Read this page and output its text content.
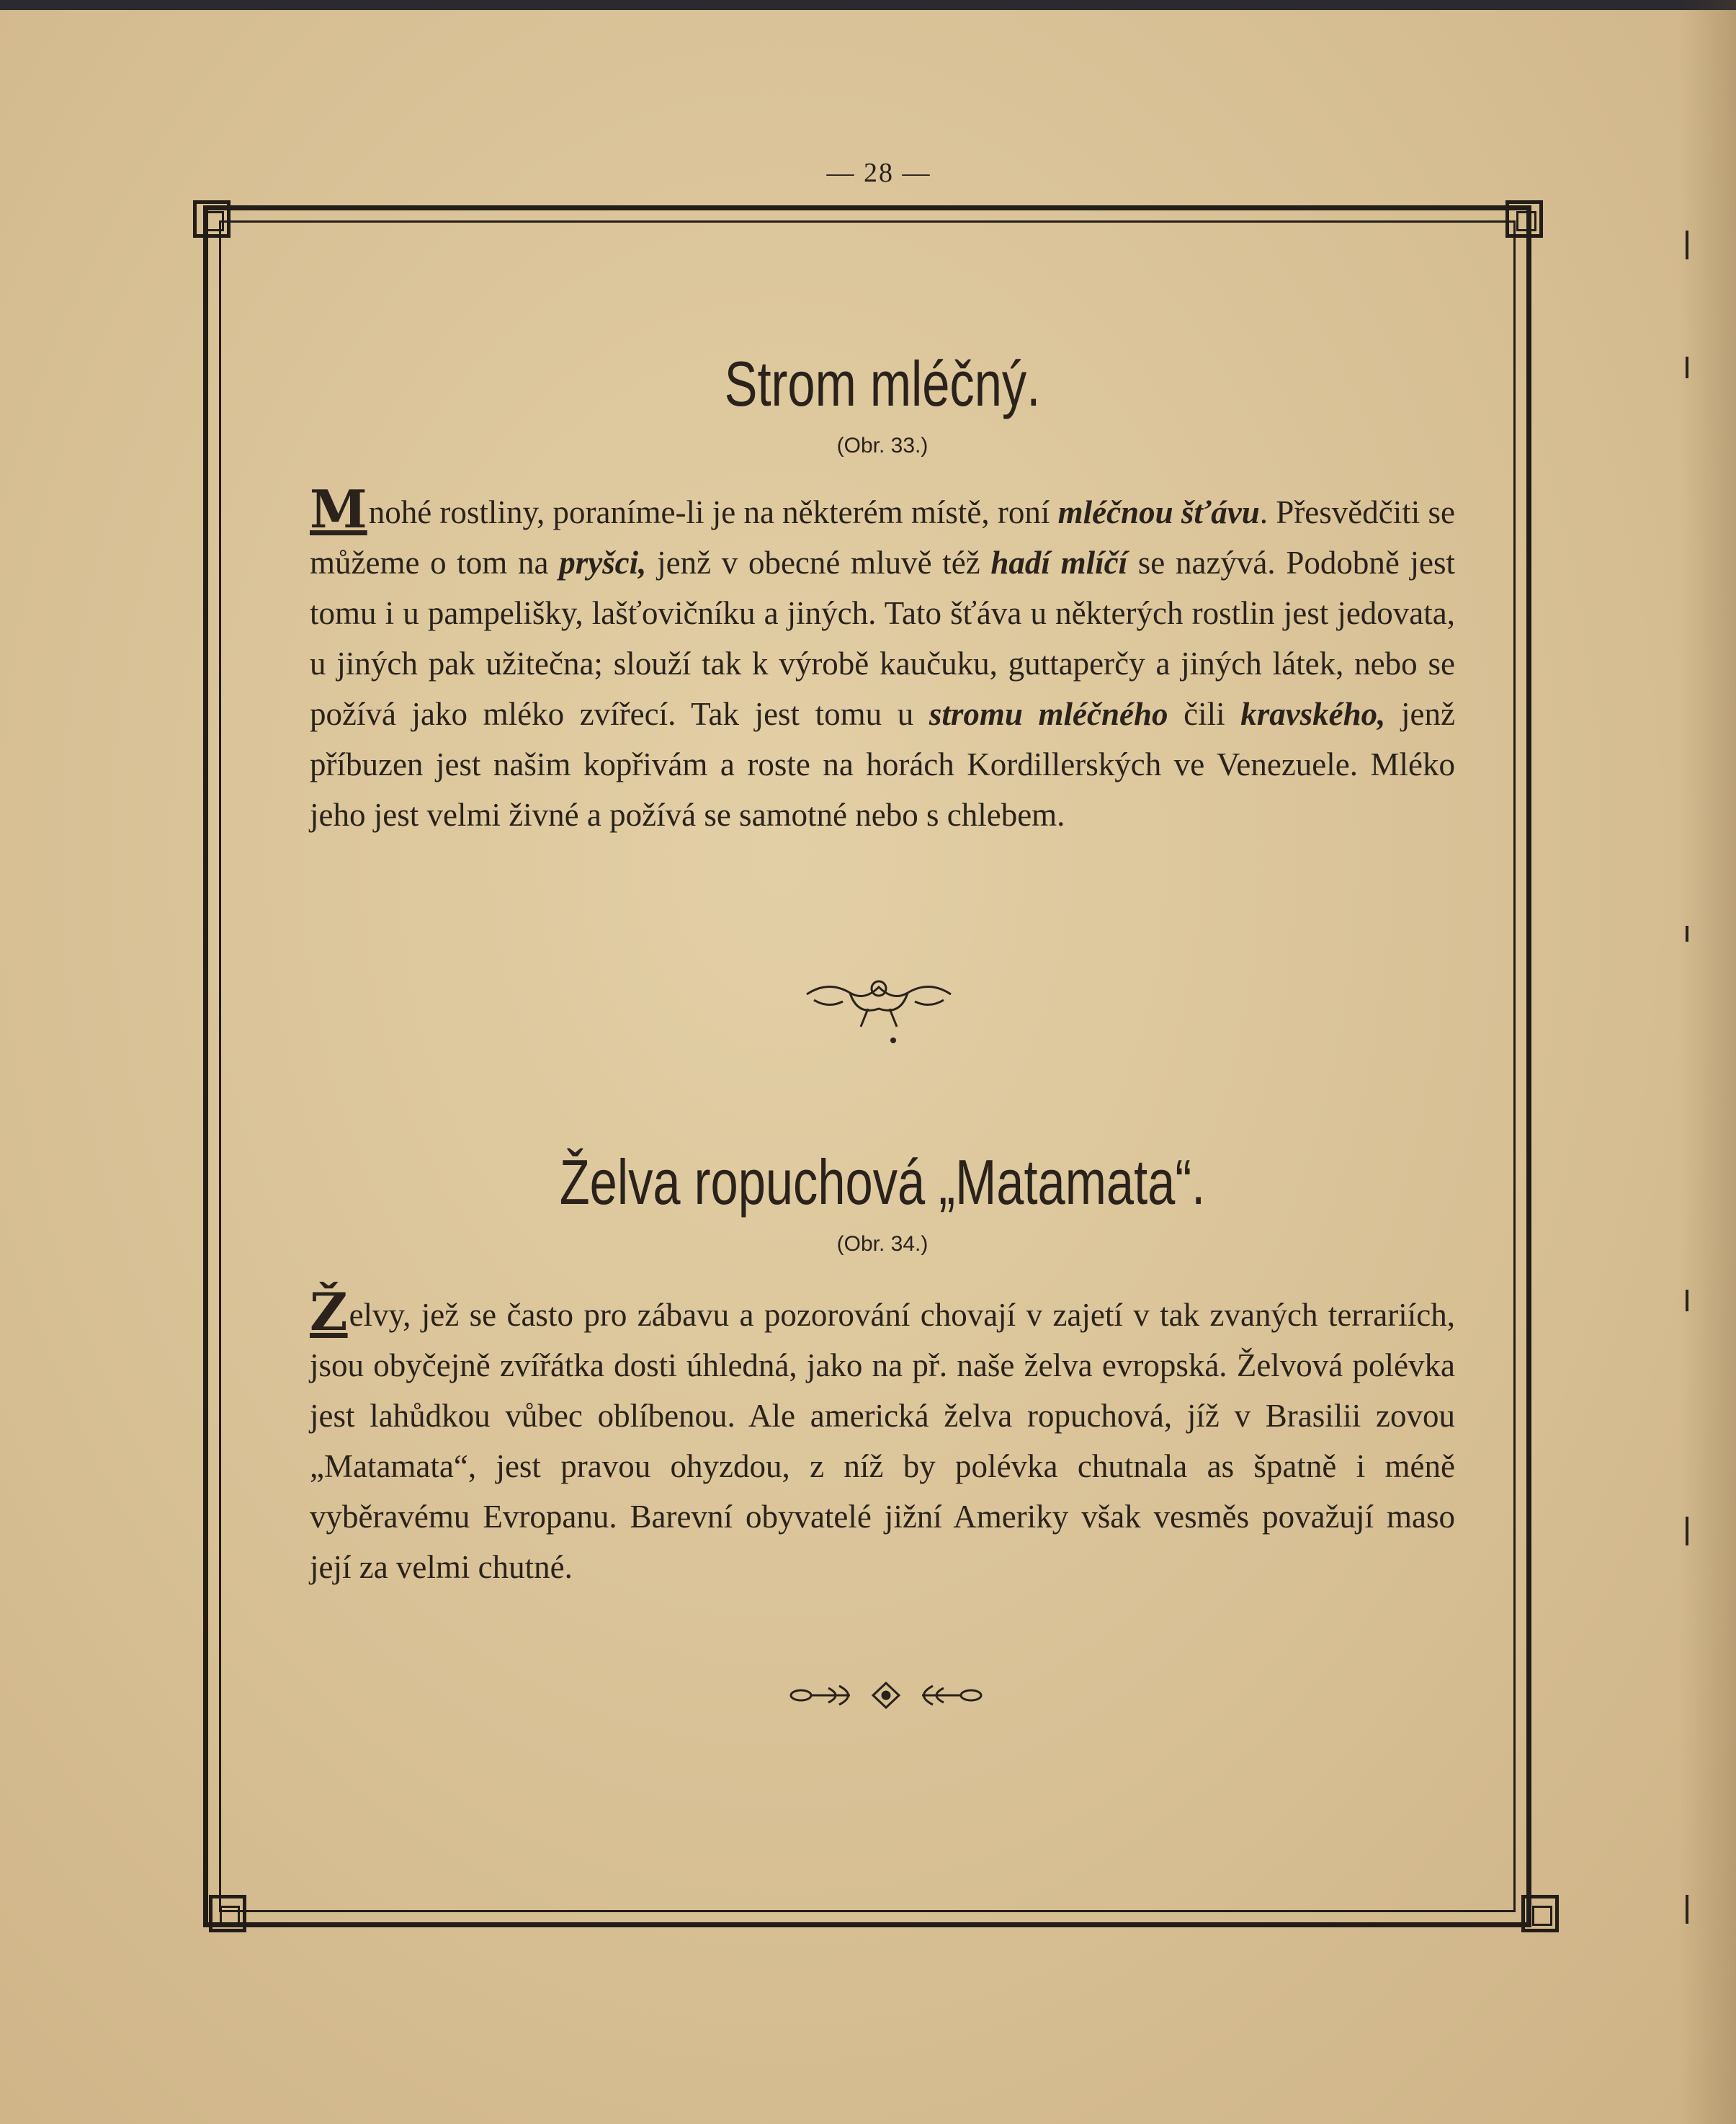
— 28 —
Strom mléčný.
(Obr. 33.)

Mnohé rostliny, poraníme-li je na některém místě, roní mléčnou šťávu. Přesvědčiti se můžeme o tom na pryšci, jenž v obecné mluvě též hadí mlíčí se nazývá. Podobně jest tomu i u pampelišky, lašťovičníku a jiných. Tato šťáva u některých rostlin jest jedovata, u jiných pak užitečna; slouží tak k výrobě kaučuku, guttaperčy a jiných látek, nebo se požívá jako mléko zvířecí. Tak jest tomu u stromu mléčného čili kravského, jenž příbuzen jest našim kopřivám a roste na horách Kordillerských ve Venezuele. Mléko jeho jest velmi živné a požívá se samotné nebo s chlebem.

Želva ropuchová „Matamata“.
(Obr. 34.)

Želvy, jež se často pro zábavu a pozorování chovají v zajetí v tak zvaných terrariích, jsou obyčejně zvířátka dosti úhledná, jako na př. naše želva evropská. Želvová polévka jest lahůdkou vůbec oblíbenou. Ale americká želva ropuchová, jíž v Brasilii zovou „Matamata“, jest pravou ohyzdou, z níž by polévka chutnala as špatně i méně vyběravému Evropanu. Barevní obyvatelé jižní Ameriky však vesměs považují maso její za velmi chutné.
